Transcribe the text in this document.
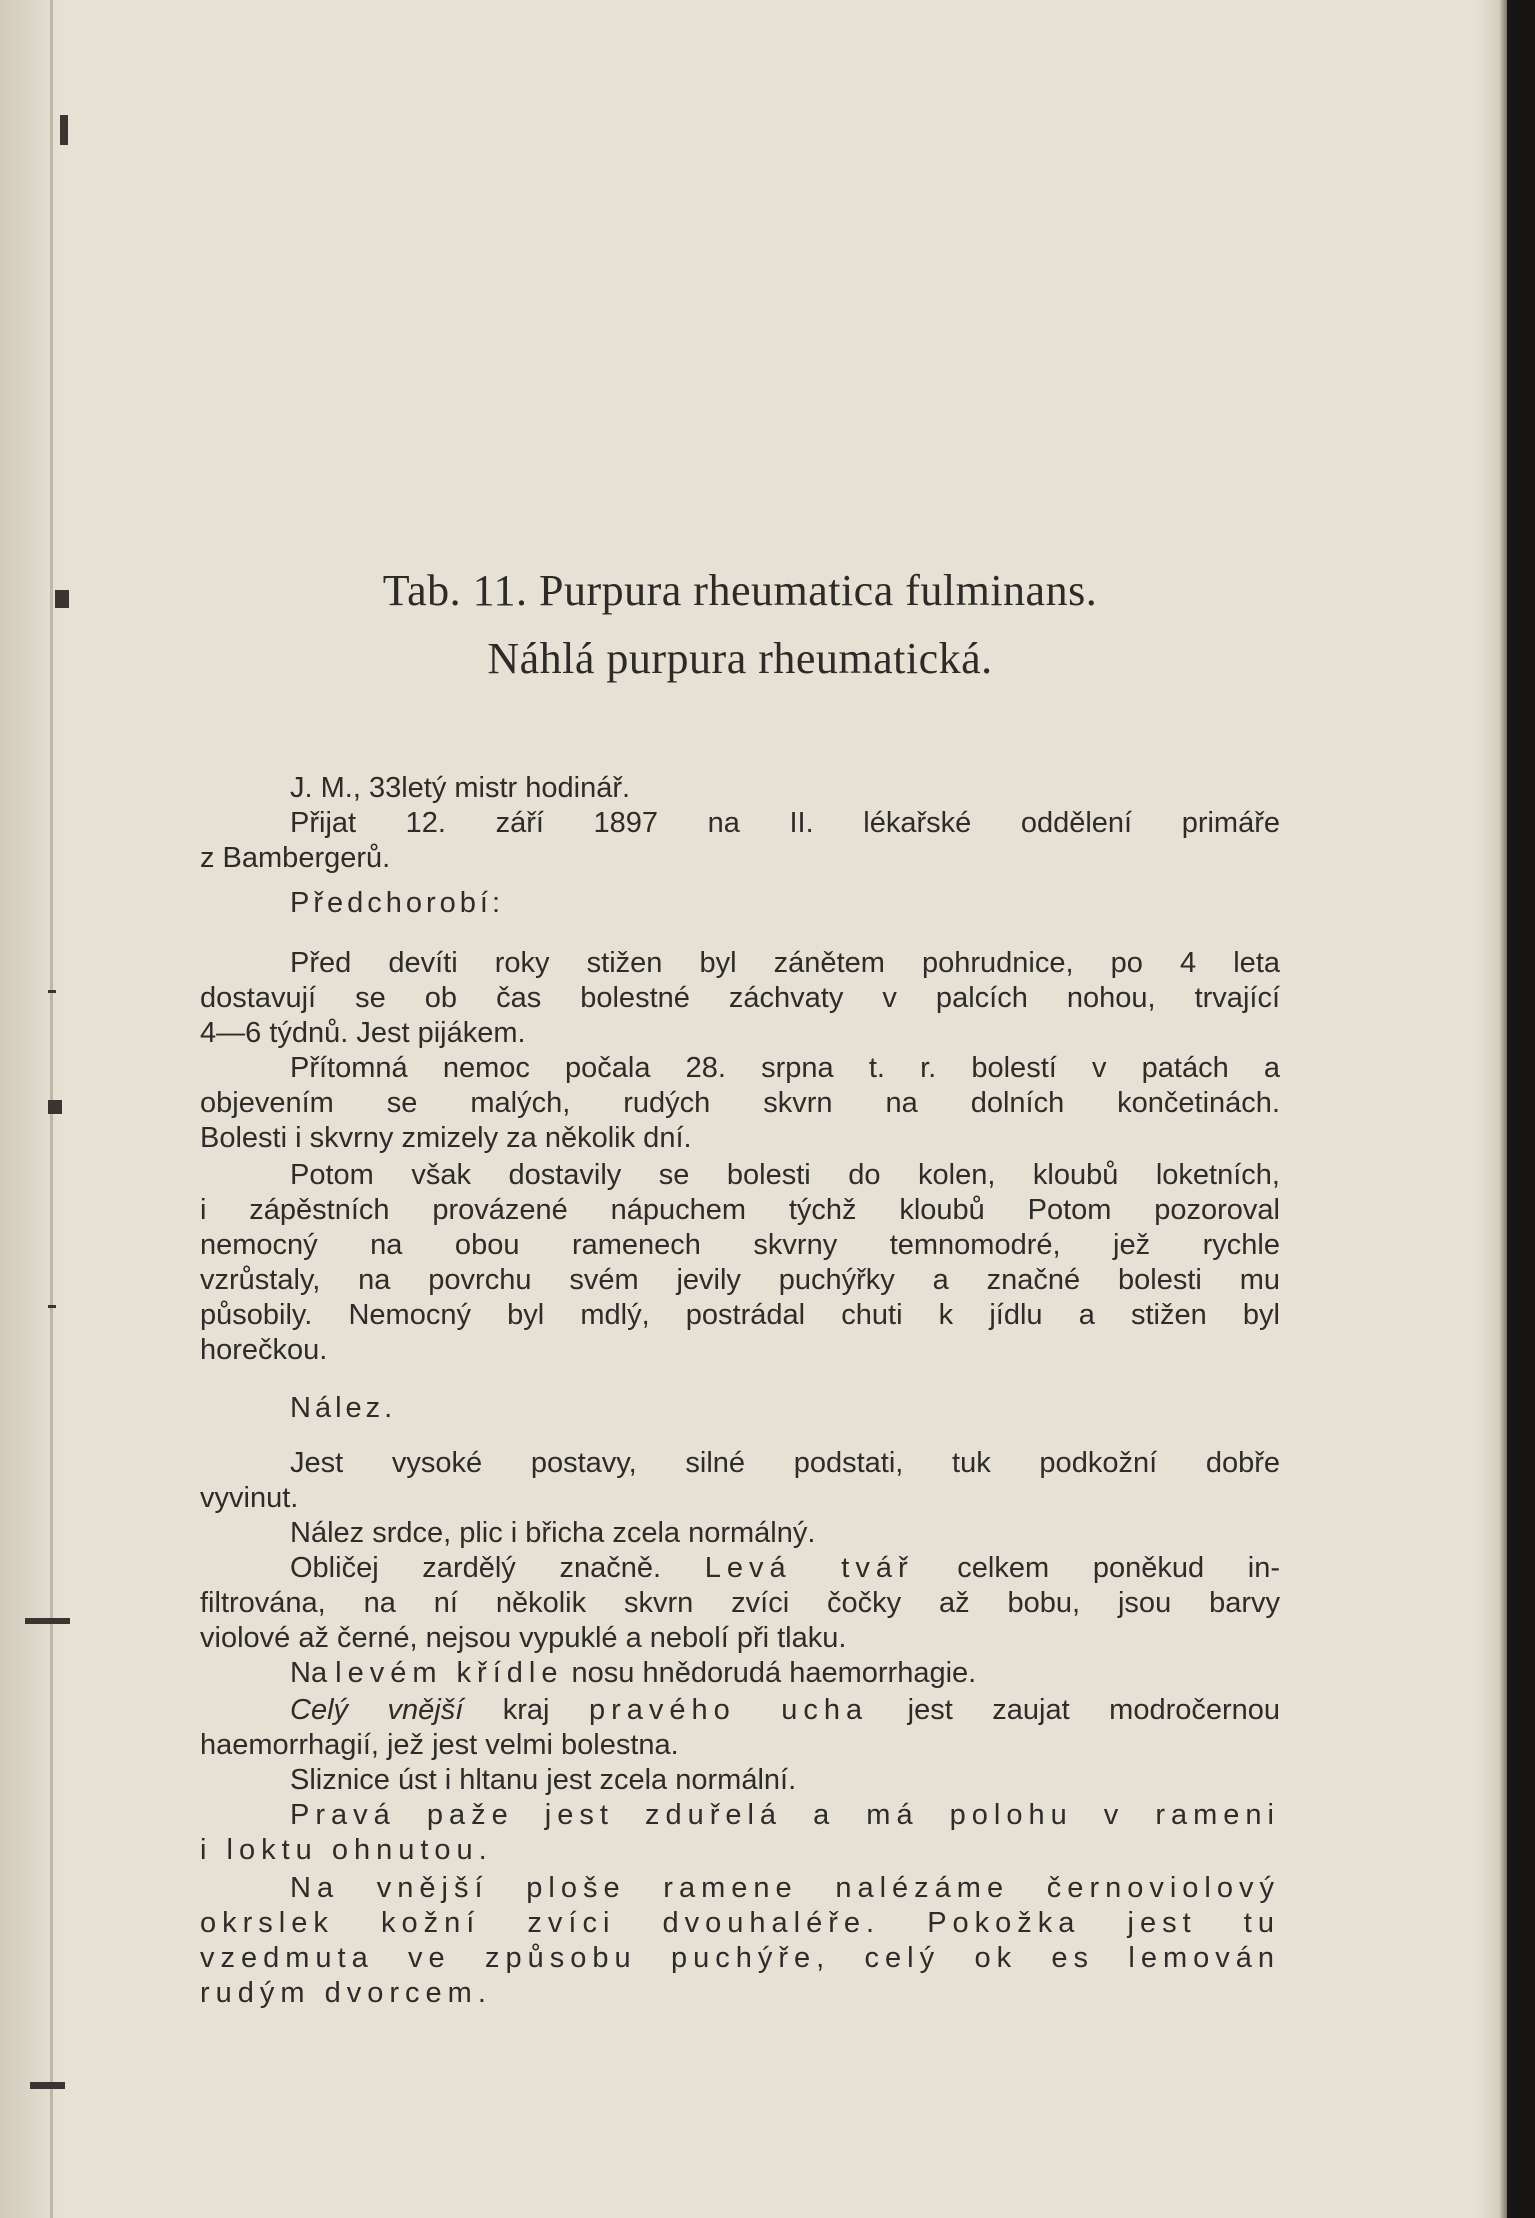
Tab. 11. Purpura rheumatica fulminans.
Náhlá purpura rheumatická.
J. M., 33letý mistr hodinář.
Přijat 12. září 1897 na II. lékařské oddělení primáře
z Bambergerů.
Předchorobí:
Před devíti roky stižen byl zánětem pohrudnice, po 4 leta
dostavují se ob čas bolestné záchvaty v palcích nohou, trvající
4—6 týdnů. Jest pijákem.
Přítomná nemoc počala 28. srpna t. r. bolestí v patách a
objevením se malých, rudých skvrn na dolních končetinách.
Bolesti i skvrny zmizely za několik dní.
Potom však dostavily se bolesti do kolen, kloubů loketních,
i zápěstních provázené nápuchem týchž kloubů Potom pozoroval
nemocný na obou ramenech skvrny temnomodré, jež rychle
vzrůstaly, na povrchu svém jevily puchýřky a značné bolesti mu
působily. Nemocný byl mdlý, postrádal chuti k jídlu a stižen byl
horečkou.
Nález.
Jest vysoké postavy, silné podstati, tuk podkožní dobře
vyvinut.
Nález srdce, plic i břicha zcela normálný.
Obličej zardělý značně. Levá tvář celkem poněkud in-
filtrována, na ní několik skvrn zvíci čočky až bobu, jsou barvy
violové až černé, nejsou vypuklé a nebolí při tlaku.
Na levém křídle nosu hnědorudá haemorrhagie.
Celý vnější kraj pravého ucha jest zaujat modročernou
haemorrhagií, jež jest velmi bolestna.
Sliznice úst i hltanu jest zcela normální.
Pravá paže jest zduřelá a má polohu v rameni
i loktu ohnutou.
Na vnější ploše ramene nalézáme černoviolový
okrslek kožní zvíci dvouhaléře. Pokožka jest tu
vzedmuta ve způsobu puchýře, celý ok es lemován
rudým dvorcem.
